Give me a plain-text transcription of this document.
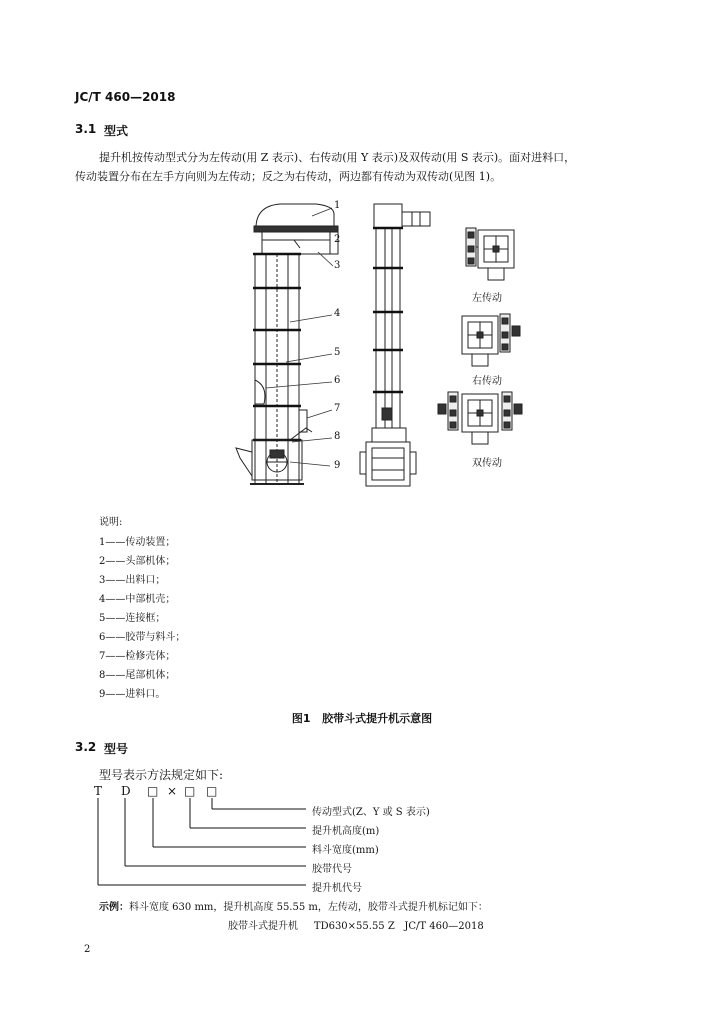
JC/T 460—2018
3.1 型式
提升机按传动型式分为左传动(用 Z 表示)、右传动(用 Y 表示)及双传动(用 S 表示)。面对进料口，
传动装置分布在左手方向则为左传动；反之为右传动，两边都有传动为双传动(见图 1)。
1
2
3
4
5
6
7
8
9
左传动
右传动
双传动
说明:
1——传动装置；
2——头部机体；
3——出料口；
4——中部机壳；
5——连接框；
6——胶带与料斗；
7——检修壳体；
8——尾部机体；
9——进料口。
图1   胶带斗式提升机示意图
3.2 型号
型号表示方法规定如下:
T D □ × □ □
传动型式(Z、Y 或 S 表示)
提升机高度(m)
料斗宽度(mm)
胶带代号
提升机代号
示例：料斗宽度 630 mm，提升机高度 55.55 m，左传动，胶带斗式提升机标记如下：
胶带斗式提升机     TD630×55.55 Z   JC/T 460—2018
2
